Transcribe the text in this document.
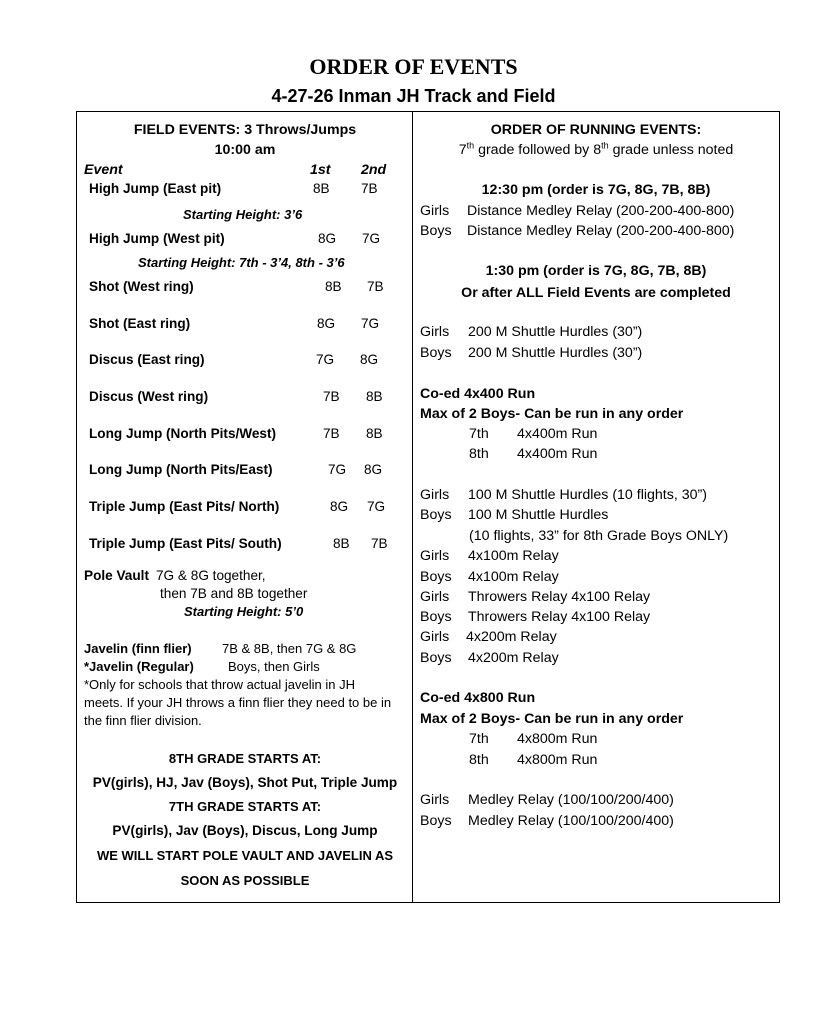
ORDER OF EVENTS
4-27-26 Inman JH Track and Field
FIELD EVENTS: 3 Throws/Jumps
10:00 am
Event	1st 2nd
High Jump (East pit)	8B 7B
Starting Height: 3’6
High Jump (West pit)	8G 7G
Starting Height: 7th - 3’4, 8th - 3’6
Shot (West ring)	8B 7B
Shot (East ring)	8G 7G
Discus (East ring)	7G 8G
Discus (West ring)	7B 8B
Long Jump (North Pits/West)	7B 8B
Long Jump (North Pits/East)	7G 8G
Triple Jump (East Pits/ North)	8G 7G
Triple Jump (East Pits/ South)	8B 7B
Pole Vault 7G & 8G together,
then 7B and 8B together
Starting Height: 5’0
Javelin (finn flier) 7B & 8B, then 7G & 8G
*Javelin (Regular)	Boys, then Girls
*Only for schools that throw actual javelin in JH
meets. If your JH throws a finn flier they need to be in
the finn flier division.
8TH GRADE STARTS AT:
PV(girls), HJ, Jav (Boys), Shot Put, Triple Jump
7TH GRADE STARTS AT:
PV(girls), Jav (Boys), Discus, Long Jump
WE WILL START POLE VAULT AND JAVELIN AS
SOON AS POSSIBLE
ORDER OF RUNNING EVENTS:
7th grade followed by 8th grade unless noted
12:30 pm (order is 7G, 8G, 7B, 8B)
Girls Distance Medley Relay (200-200-400-800)
Boys Distance Medley Relay (200-200-400-800)
1:30 pm (order is 7G, 8G, 7B, 8B)
Or after ALL Field Events are completed
Girls 200 M Shuttle Hurdles (30”)
Boys 200 M Shuttle Hurdles (30”)
Co-ed 4x400 Run
Max of 2 Boys- Can be run in any order
7th 4x400m Run
8th 4x400m Run
Girls 100 M Shuttle Hurdles (10 flights, 30”)
Boys 100 M Shuttle Hurdles
(10 flights, 33” for 8th Grade Boys ONLY)
Girls 4x100m Relay
Boys 4x100m Relay
Girls Throwers Relay 4x100 Relay
Boys Throwers Relay 4x100 Relay
Girls 4x200m Relay
Boys 4x200m Relay
Co-ed 4x800 Run
Max of 2 Boys- Can be run in any order
7th 4x800m Run
8th 4x800m Run
Girls Medley Relay (100/100/200/400)
Boys Medley Relay (100/100/200/400)
